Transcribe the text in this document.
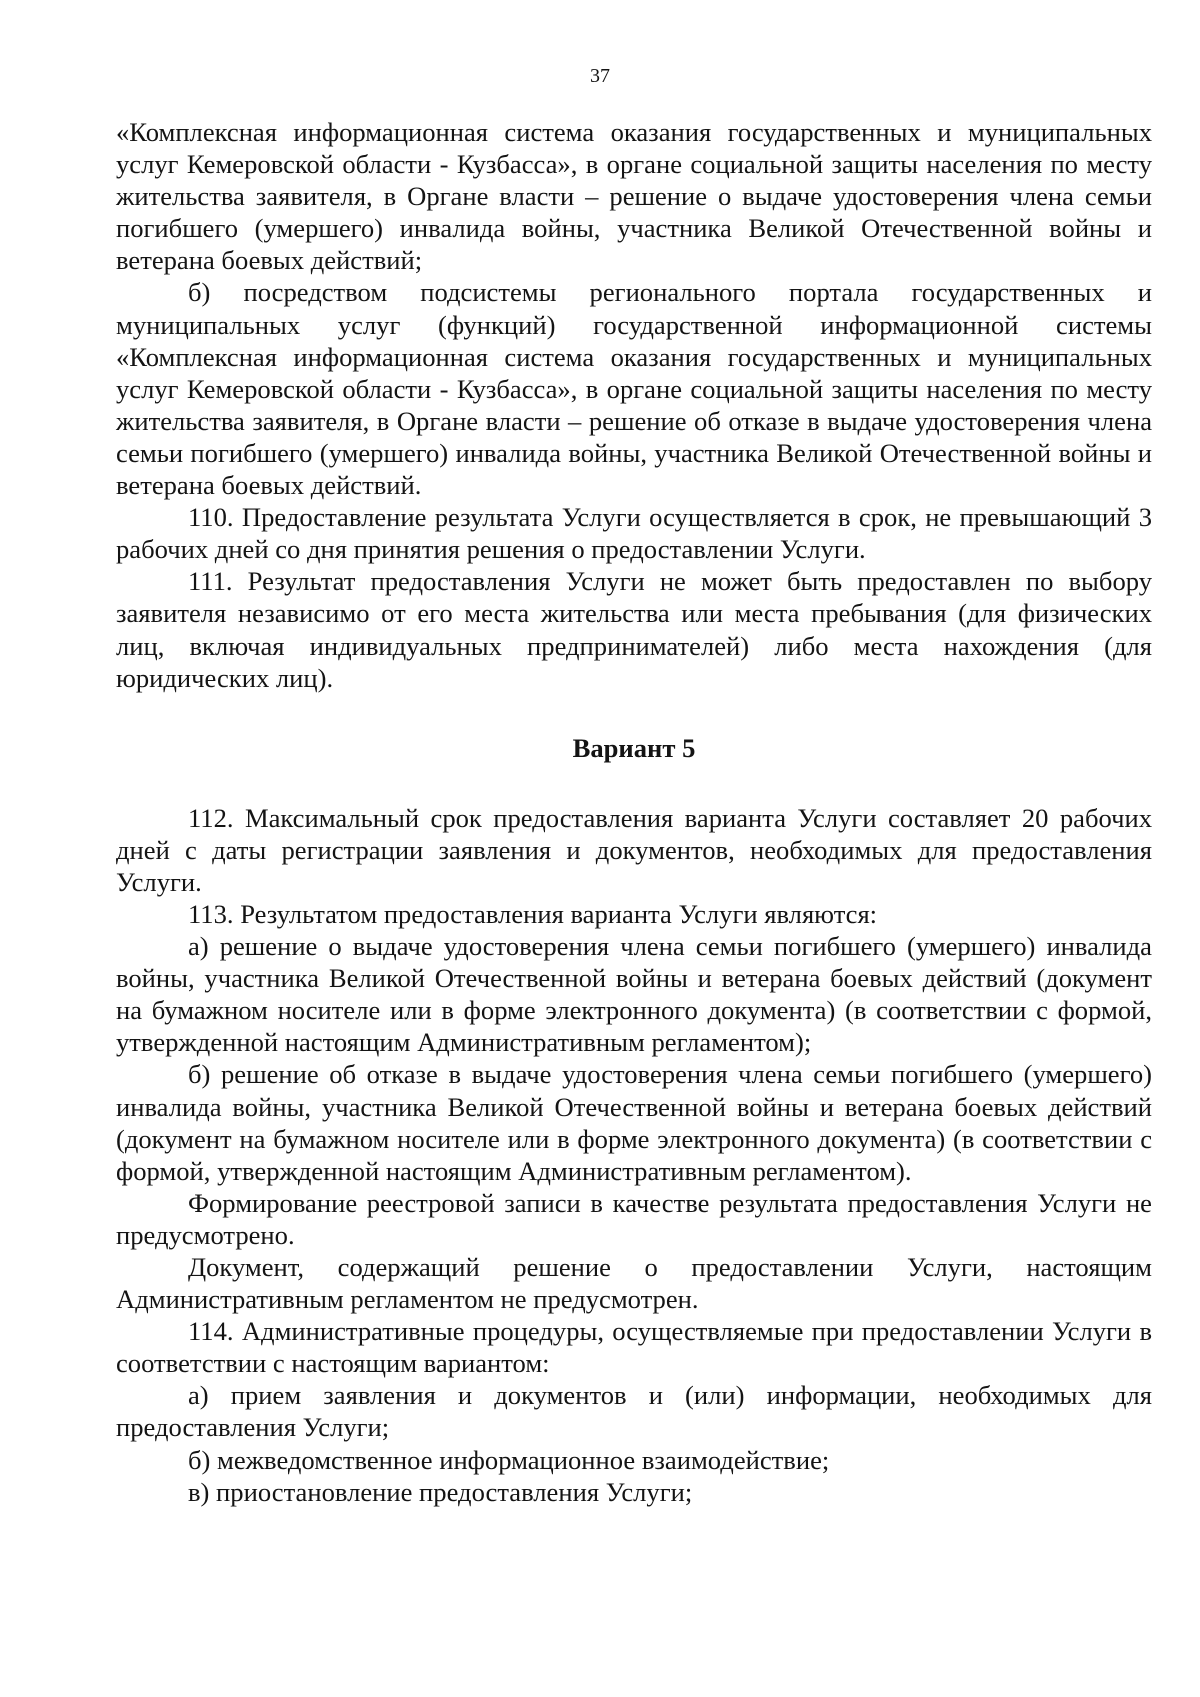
37

«Комплексная информационная система оказания государственных и муниципальных услуг Кемеровской области - Кузбасса», в органе социальной защиты населения по месту жительства заявителя, в Органе власти – решение о выдаче удостоверения члена семьи погибшего (умершего) инвалида войны, участника Великой Отечественной войны и ветерана боевых действий;

б) посредством подсистемы регионального портала государственных и муниципальных услуг (функций) государственной информационной системы «Комплексная информационная система оказания государственных и муниципальных услуг Кемеровской области - Кузбасса», в органе социальной защиты населения по месту жительства заявителя, в Органе власти – решение об отказе в выдаче удостоверения члена семьи погибшего (умершего) инвалида войны, участника Великой Отечественной войны и ветерана боевых действий.

110. Предоставление результата Услуги осуществляется в срок, не превышающий 3 рабочих дней со дня принятия решения о предоставлении Услуги.

111. Результат предоставления Услуги не может быть предоставлен по выбору заявителя независимо от его места жительства или места пребывания (для физических лиц, включая индивидуальных предпринимателей) либо места нахождения (для юридических лиц).

Вариант 5

112. Максимальный срок предоставления варианта Услуги составляет 20 рабочих дней с даты регистрации заявления и документов, необходимых для предоставления Услуги.

113. Результатом предоставления варианта Услуги являются:

а) решение о выдаче удостоверения члена семьи погибшего (умершего) инвалида войны, участника Великой Отечественной войны и ветерана боевых действий (документ на бумажном носителе или в форме электронного документа) (в соответствии с формой, утвержденной настоящим Административным регламентом);

б) решение об отказе в выдаче удостоверения члена семьи погибшего (умершего) инвалида войны, участника Великой Отечественной войны и ветерана боевых действий (документ на бумажном носителе или в форме электронного документа) (в соответствии с формой, утвержденной настоящим Административным регламентом).

Формирование реестровой записи в качестве результата предоставления Услуги не предусмотрено.

Документ, содержащий решение о предоставлении Услуги, настоящим Административным регламентом не предусмотрен.

114. Административные процедуры, осуществляемые при предоставлении Услуги в соответствии с настоящим вариантом:

а) прием заявления и документов и (или) информации, необходимых для предоставления Услуги;

б) межведомственное информационное взаимодействие;

в) приостановление предоставления Услуги;
